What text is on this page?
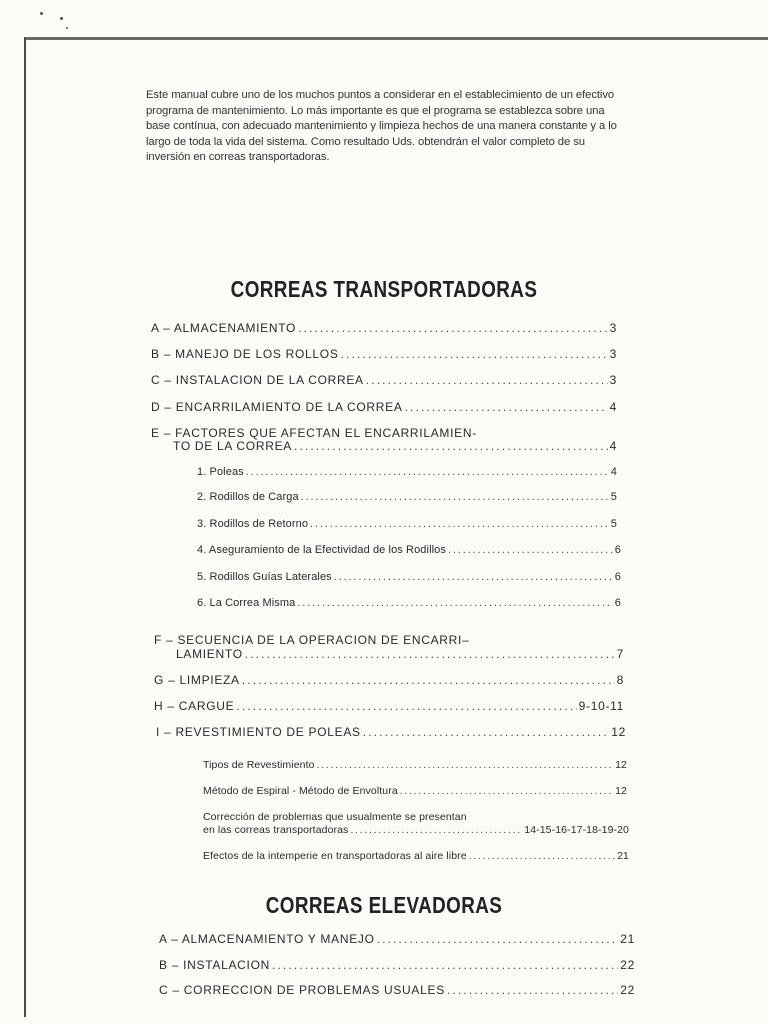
Este manual cubre uno de los muchos puntos a considerar en el establecimiento de un efectivo programa de mantenimiento. Lo más importante es que el programa se establezca sobre una base contínua, con adecuado mantenimiento y limpieza hechos de una manera constante y a lo largo de toda la vida del sistema. Como resultado Uds. obtendrán el valor completo de su inversión en correas transportadoras.
CORREAS TRANSPORTADORAS
A – ALMACENAMIENTO . . .	3
B – MANEJO DE LOS ROLLOS . . .	3
C – INSTALACION DE LA CORREA . . .	3
D – ENCARRILAMIENTO DE LA CORREA . . .	4
E – FACTORES QUE AFECTAN EL ENCARRILAMIEN-
TO DE LA CORREA . . .	4
1. Poleas . . .	4
2. Rodillos de Carga . . .	5
3. Rodillos de Retorno . . .	5
4. Aseguramiento de la Efectividad de los Rodillos . . .	6
5. Rodillos Guías Laterales . . .	6
6. La Correa Misma . . .	6
F – SECUENCIA DE LA OPERACION DE ENCARRI–
LAMIENTO . . .	7
G – LIMPIEZA . . .	8
H – CARGUE . . .	9-10-11
I – REVESTIMIENTO DE POLEAS . . .	12
Tipos de Revestimiento . . .	12
Método de Espiral - Método de Envoltura . . .	12
Corrección de problemas que usualmente se presentan
en las correas transportadoras . . .	14-15-16-17-18-19-20
Efectos de la intemperie en transportadoras al aire libre . . .	21
CORREAS ELEVADORAS
A – ALMACENAMIENTO Y MANEJO . . .	21
B – INSTALACION . . .	22
C – CORRECCION DE PROBLEMAS USUALES . . .	22
